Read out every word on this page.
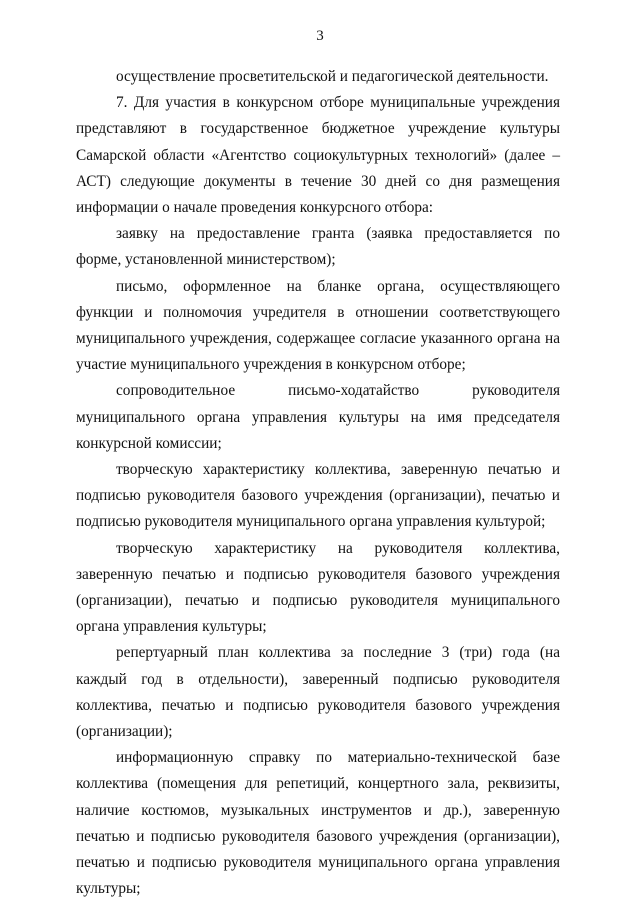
3

осуществление просветительской и педагогической деятельности.

7. Для участия в конкурсном отборе муниципальные учреждения представляют в государственное бюджетное учреждение культуры Самарской области «Агентство социокультурных технологий» (далее – АСТ) следующие документы в течение 30 дней со дня размещения информации о начале проведения конкурсного отбора:

заявку на предоставление гранта (заявка предоставляется по форме, установленной министерством);

письмо, оформленное на бланке органа, осуществляющего функции и полномочия учредителя в отношении соответствующего муниципального учреждения, содержащее согласие указанного органа на участие муниципального учреждения в конкурсном отборе;

сопроводительное письмо-ходатайство руководителя муниципального органа управления культуры на имя председателя конкурсной комиссии;

творческую характеристику коллектива, заверенную печатью и подписью руководителя базового учреждения (организации), печатью и подписью руководителя муниципального органа управления культурой;

творческую характеристику на руководителя коллектива, заверенную печатью и подписью руководителя базового учреждения (организации), печатью и подписью руководителя муниципального органа управления культуры;

репертуарный план коллектива за последние 3 (три) года (на каждый год в отдельности), заверенный подписью руководителя коллектива, печатью и подписью руководителя базового учреждения (организации);

информационную справку по материально-технической базе коллектива (помещения для репетиций, концертного зала, реквизиты, наличие костюмов, музыкальных инструментов и др.), заверенную печатью и подписью руководителя базового учреждения (организации), печатью и подписью руководителя муниципального органа управления культуры;
